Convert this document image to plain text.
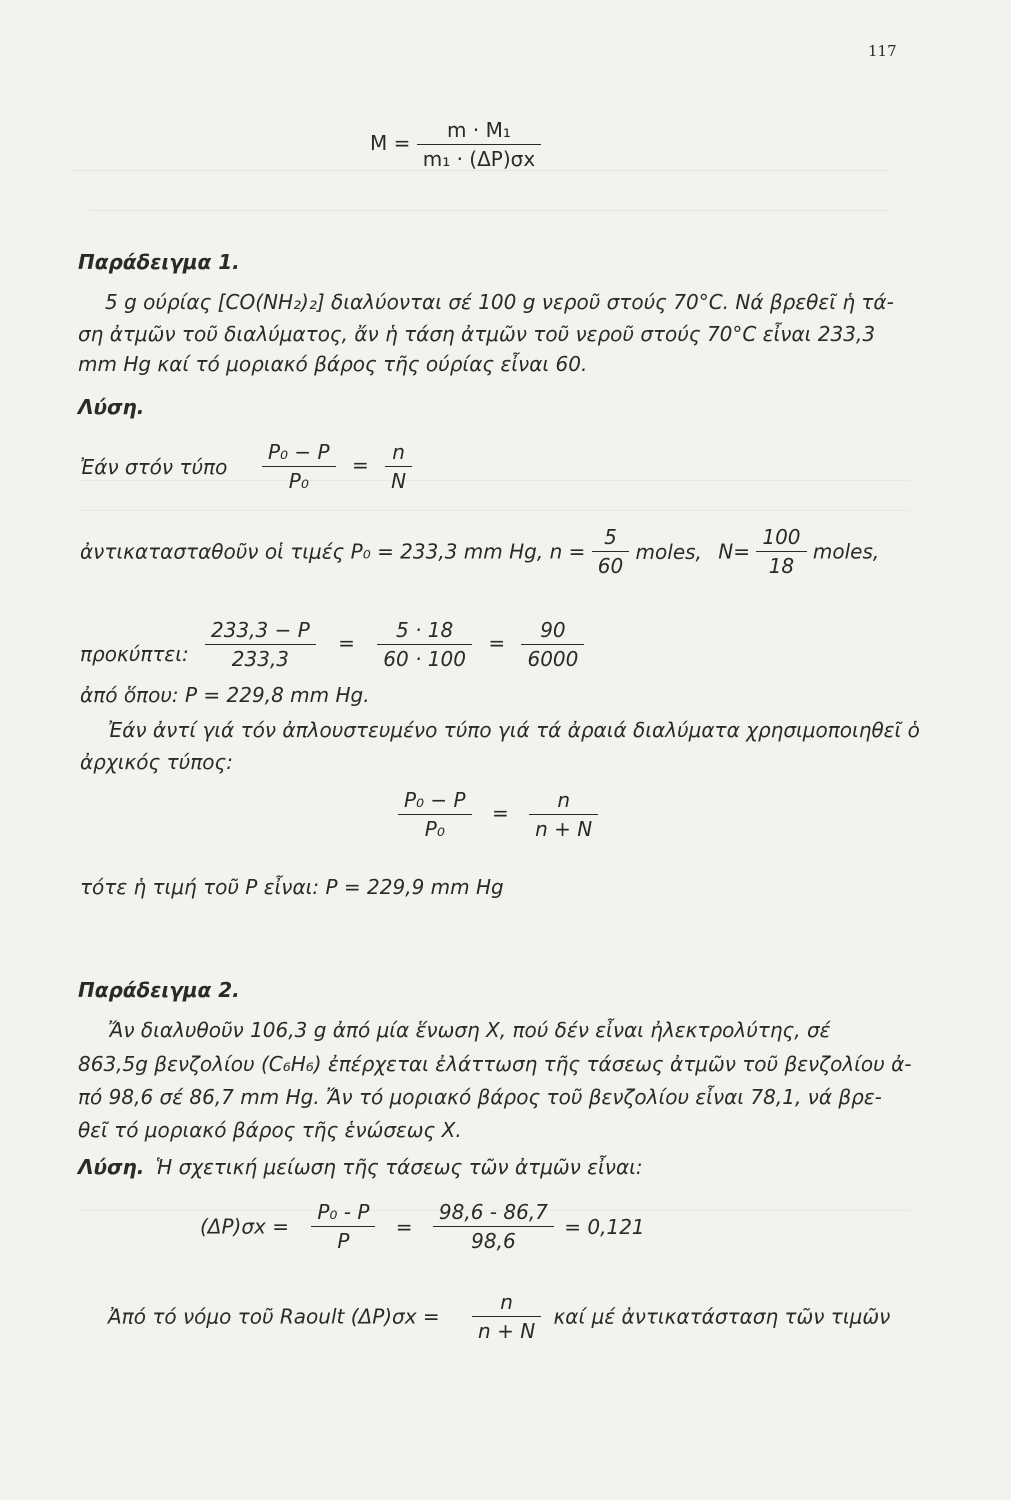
117
$M = \frac{\text{m · M₁}}{\text{m₁ · (ΔP)σx}}$
Παράδειγμα 1.
5 g ούρίας [CO(NH₂)₂] διαλύονται σέ 100 g νεροῦ στούς 70°C. Νά βρεθεῖ ἡ τά-
ση ἀτμῶν τοῦ διαλύματος, ἄν ἡ τάση ἀτμῶν τοῦ νεροῦ στούς 70°C εἶναι 233,3
mm Hg καί τό μοριακό βάρος τῆς ούρίας εἶναι 60.
Λύση.
Ἐάν στόν τύπο $\frac{\text{P₀ − P}}{\text{P₀}} = \frac{n}{N}$
ἀντικατασταθοῦν οἱ τιμές P₀ = 233,3 mm Hg, $n = \frac{5}{60}$ moles, $N= \frac{100}{18}$ moles,
προκύπτει: $\frac{233,3 - P}{233,3} = \frac{5 \cdot 18}{60 \cdot 100} = \frac{90}{6000}$
ἀπό ὅπου: P = 229,8 mm Hg.
Ἐάν ἀντί γιά τόν ἀπλουστευμένο τύπο γιά τά ἀραιά διαλύματα χρησιμοποιηθεῖ ὁ
ἀρχικός τύπος:
$\frac{\text{P₀ − P}}{\text{P₀}} = \frac{n}{n + N}$
τότε ἡ τιμή τοῦ P εἶναι: P = 229,9 mm Hg
Παράδειγμα 2.
Ἄν διαλυθοῦν 106,3 g ἀπό μία ἕνωση X, πού δέν εἶναι ἠλεκτρολύτης, σέ
863,5g βενζολίου (C₆H₆) ἐπέρχεται ἐλάττωση τῆς τάσεως ἀτμῶν τοῦ βενζολίου ἀ-
πό 98,6 σέ 86,7 mm Hg. Ἄν τό μοριακό βάρος τοῦ βενζολίου εἶναι 78,1, νά βρε-
θεῖ τό μοριακό βάρος τῆς ἑνώσεως X.
Λύση. Ἡ σχετική μείωση τῆς τάσεως τῶν ἀτμῶν εἶναι:
$(\Delta P)\sigma x = \frac{\text{P₀ - P}}{P} = \frac{98,6 - 86,7}{98,6} = 0,121$
Ἀπό τό νόμο τοῦ Raoult $(\Delta P)\sigma x = \frac{n}{n + N}$ καί μέ ἀντικατάσταση τῶν τιμῶν
